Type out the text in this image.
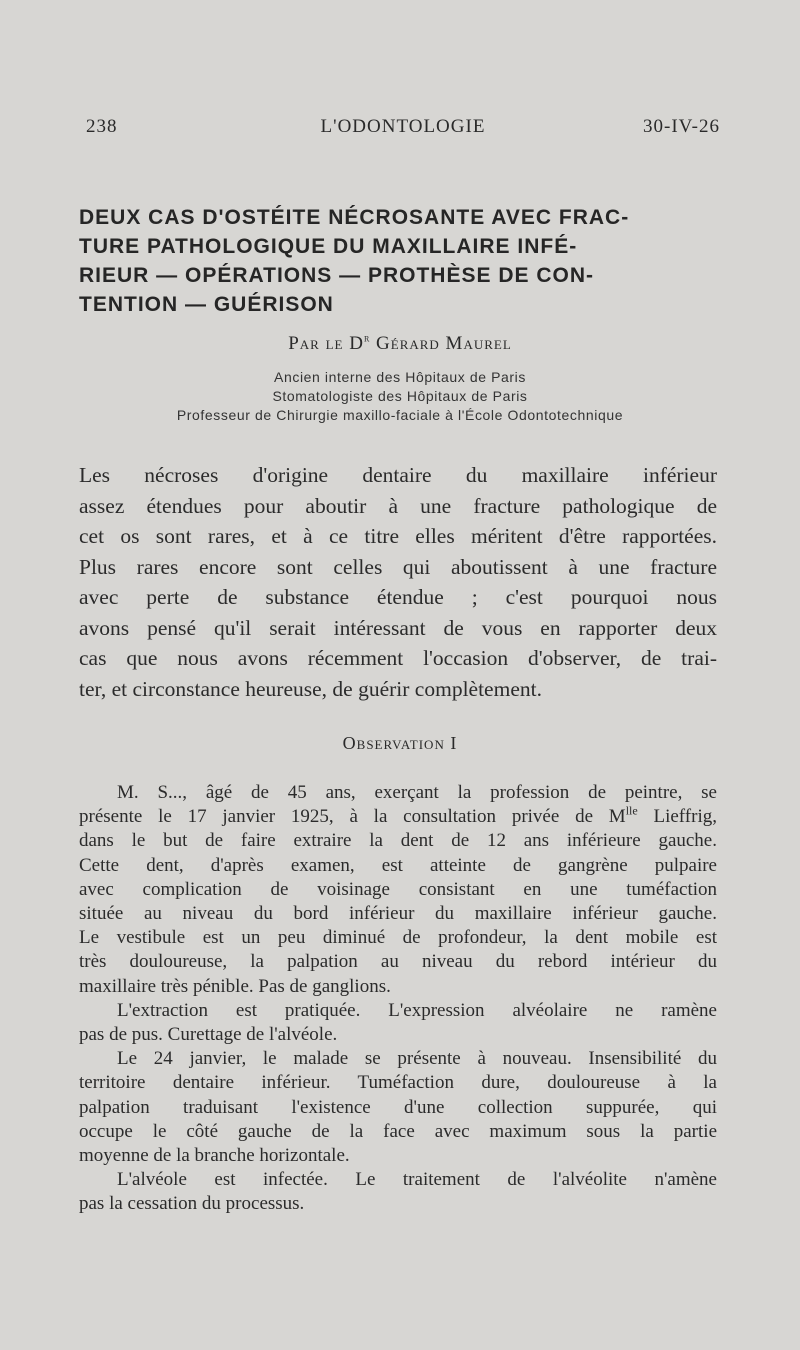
238	L'ODONTOLOGIE	30-IV-26
DEUX CAS D'OSTÉITE NÉCROSANTE AVEC FRAC-
TURE PATHOLOGIQUE DU MAXILLAIRE INFÉ-
RIEUR — OPÉRATIONS — PROTHÈSE DE CON-
TENTION — GUÉRISON
Par le $D^r$ Gérard Maurel
Ancien interne des Hôpitaux de Paris
Stomatologiste des Hôpitaux de Paris
Professeur de Chirurgie maxillo-faciale à l'École Odontotechnique
Les nécroses d'origine dentaire du maxillaire inférieur
assez étendues pour aboutir à une fracture pathologique de
cet os sont rares, et à ce titre elles méritent d'être rapportées.
Plus rares encore sont celles qui aboutissent à une fracture
avec perte de substance étendue ; c'est pourquoi nous
avons pensé qu'il serait intéressant de vous en rapporter deux
cas que nous avons récemment l'occasion d'observer, de trai-
ter, et circonstance heureuse, de guérir complètement.
Observation I
M. S..., âgé de 45 ans, exerçant la profession de peintre, se
présente le 17 janvier 1925, à la consultation privée de $M^{lle}$ Lieffrig,
dans le but de faire extraire la dent de 12 ans inférieure gauche.
Cette dent, d'après examen, est atteinte de gangrène pulpaire
avec complication de voisinage consistant en une tuméfaction
située au niveau du bord inférieur du maxillaire inférieur gauche.
Le vestibule est un peu diminué de profondeur, la dent mobile est
très douloureuse, la palpation au niveau du rebord intérieur du
maxillaire très pénible. Pas de ganglions.
L'extraction est pratiquée. L'expression alvéolaire ne ramène
pas de pus. Curettage de l'alvéole.
Le 24 janvier, le malade se présente à nouveau. Insensibilité du
territoire dentaire inférieur. Tuméfaction dure, douloureuse à la
palpation traduisant l'existence d'une collection suppurée, qui
occupe le côté gauche de la face avec maximum sous la partie
moyenne de la branche horizontale.
L'alvéole est infectée. Le traitement de l'alvéolite n'amène
pas la cessation du processus.
